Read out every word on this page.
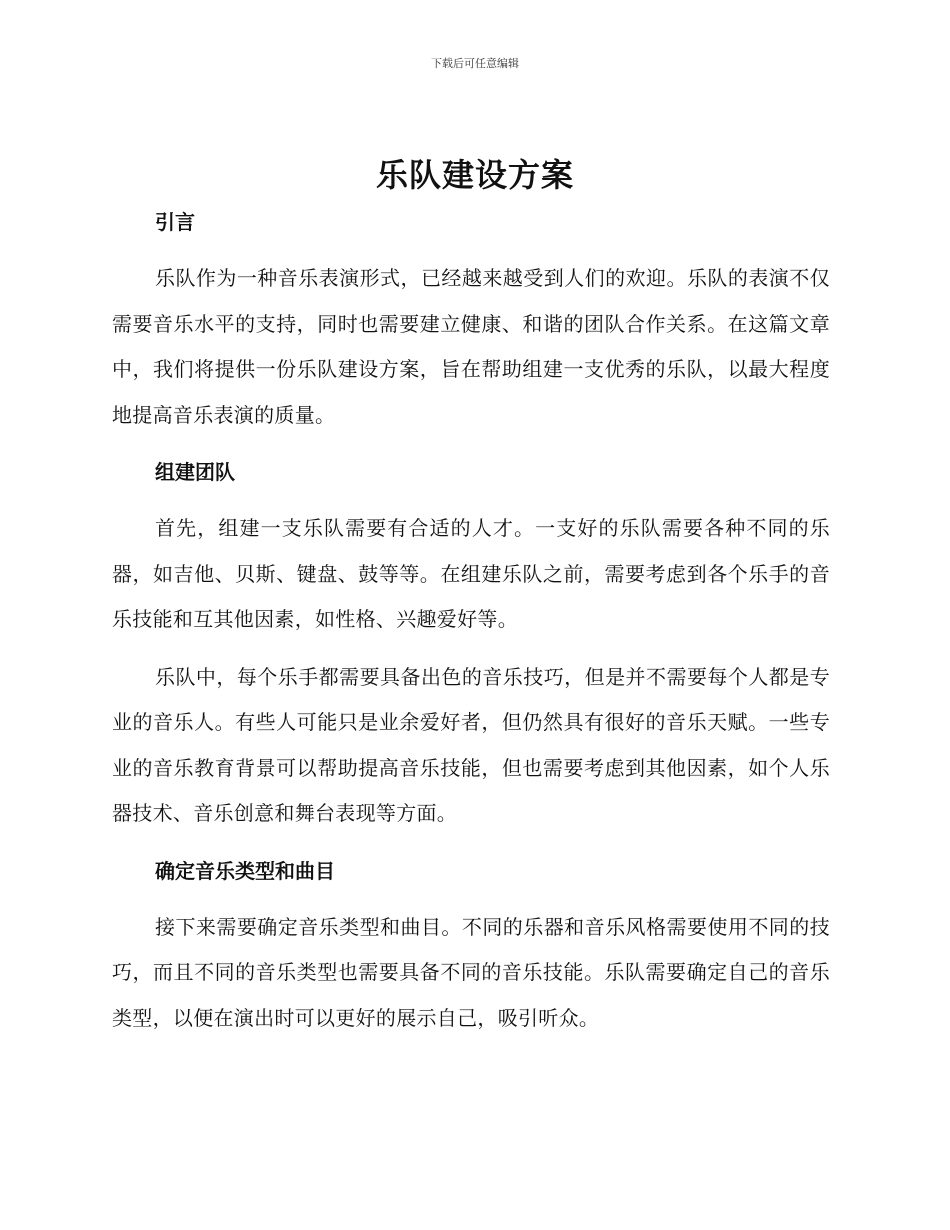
下载后可任意编辑
乐队建设方案
引言

乐队作为一种音乐表演形式，已经越来越受到人们的欢迎。乐队的表演不仅需要音乐水平的支持，同时也需要建立健康、和谐的团队合作关系。在这篇文章中，我们将提供一份乐队建设方案，旨在帮助组建一支优秀的乐队，以最大程度地提高音乐表演的质量。

组建团队

首先，组建一支乐队需要有合适的人才。一支好的乐队需要各种不同的乐器，如吉他、贝斯、键盘、鼓等等。在组建乐队之前，需要考虑到各个乐手的音乐技能和互其他因素，如性格、兴趣爱好等。

乐队中，每个乐手都需要具备出色的音乐技巧，但是并不需要每个人都是专业的音乐人。有些人可能只是业余爱好者，但仍然具有很好的音乐天赋。一些专业的音乐教育背景可以帮助提高音乐技能，但也需要考虑到其他因素，如个人乐器技术、音乐创意和舞台表现等方面。

确定音乐类型和曲目

接下来需要确定音乐类型和曲目。不同的乐器和音乐风格需要使用不同的技巧，而且不同的音乐类型也需要具备不同的音乐技能。乐队需要确定自己的音乐类型，以便在演出时可以更好的展示自己，吸引听众。
